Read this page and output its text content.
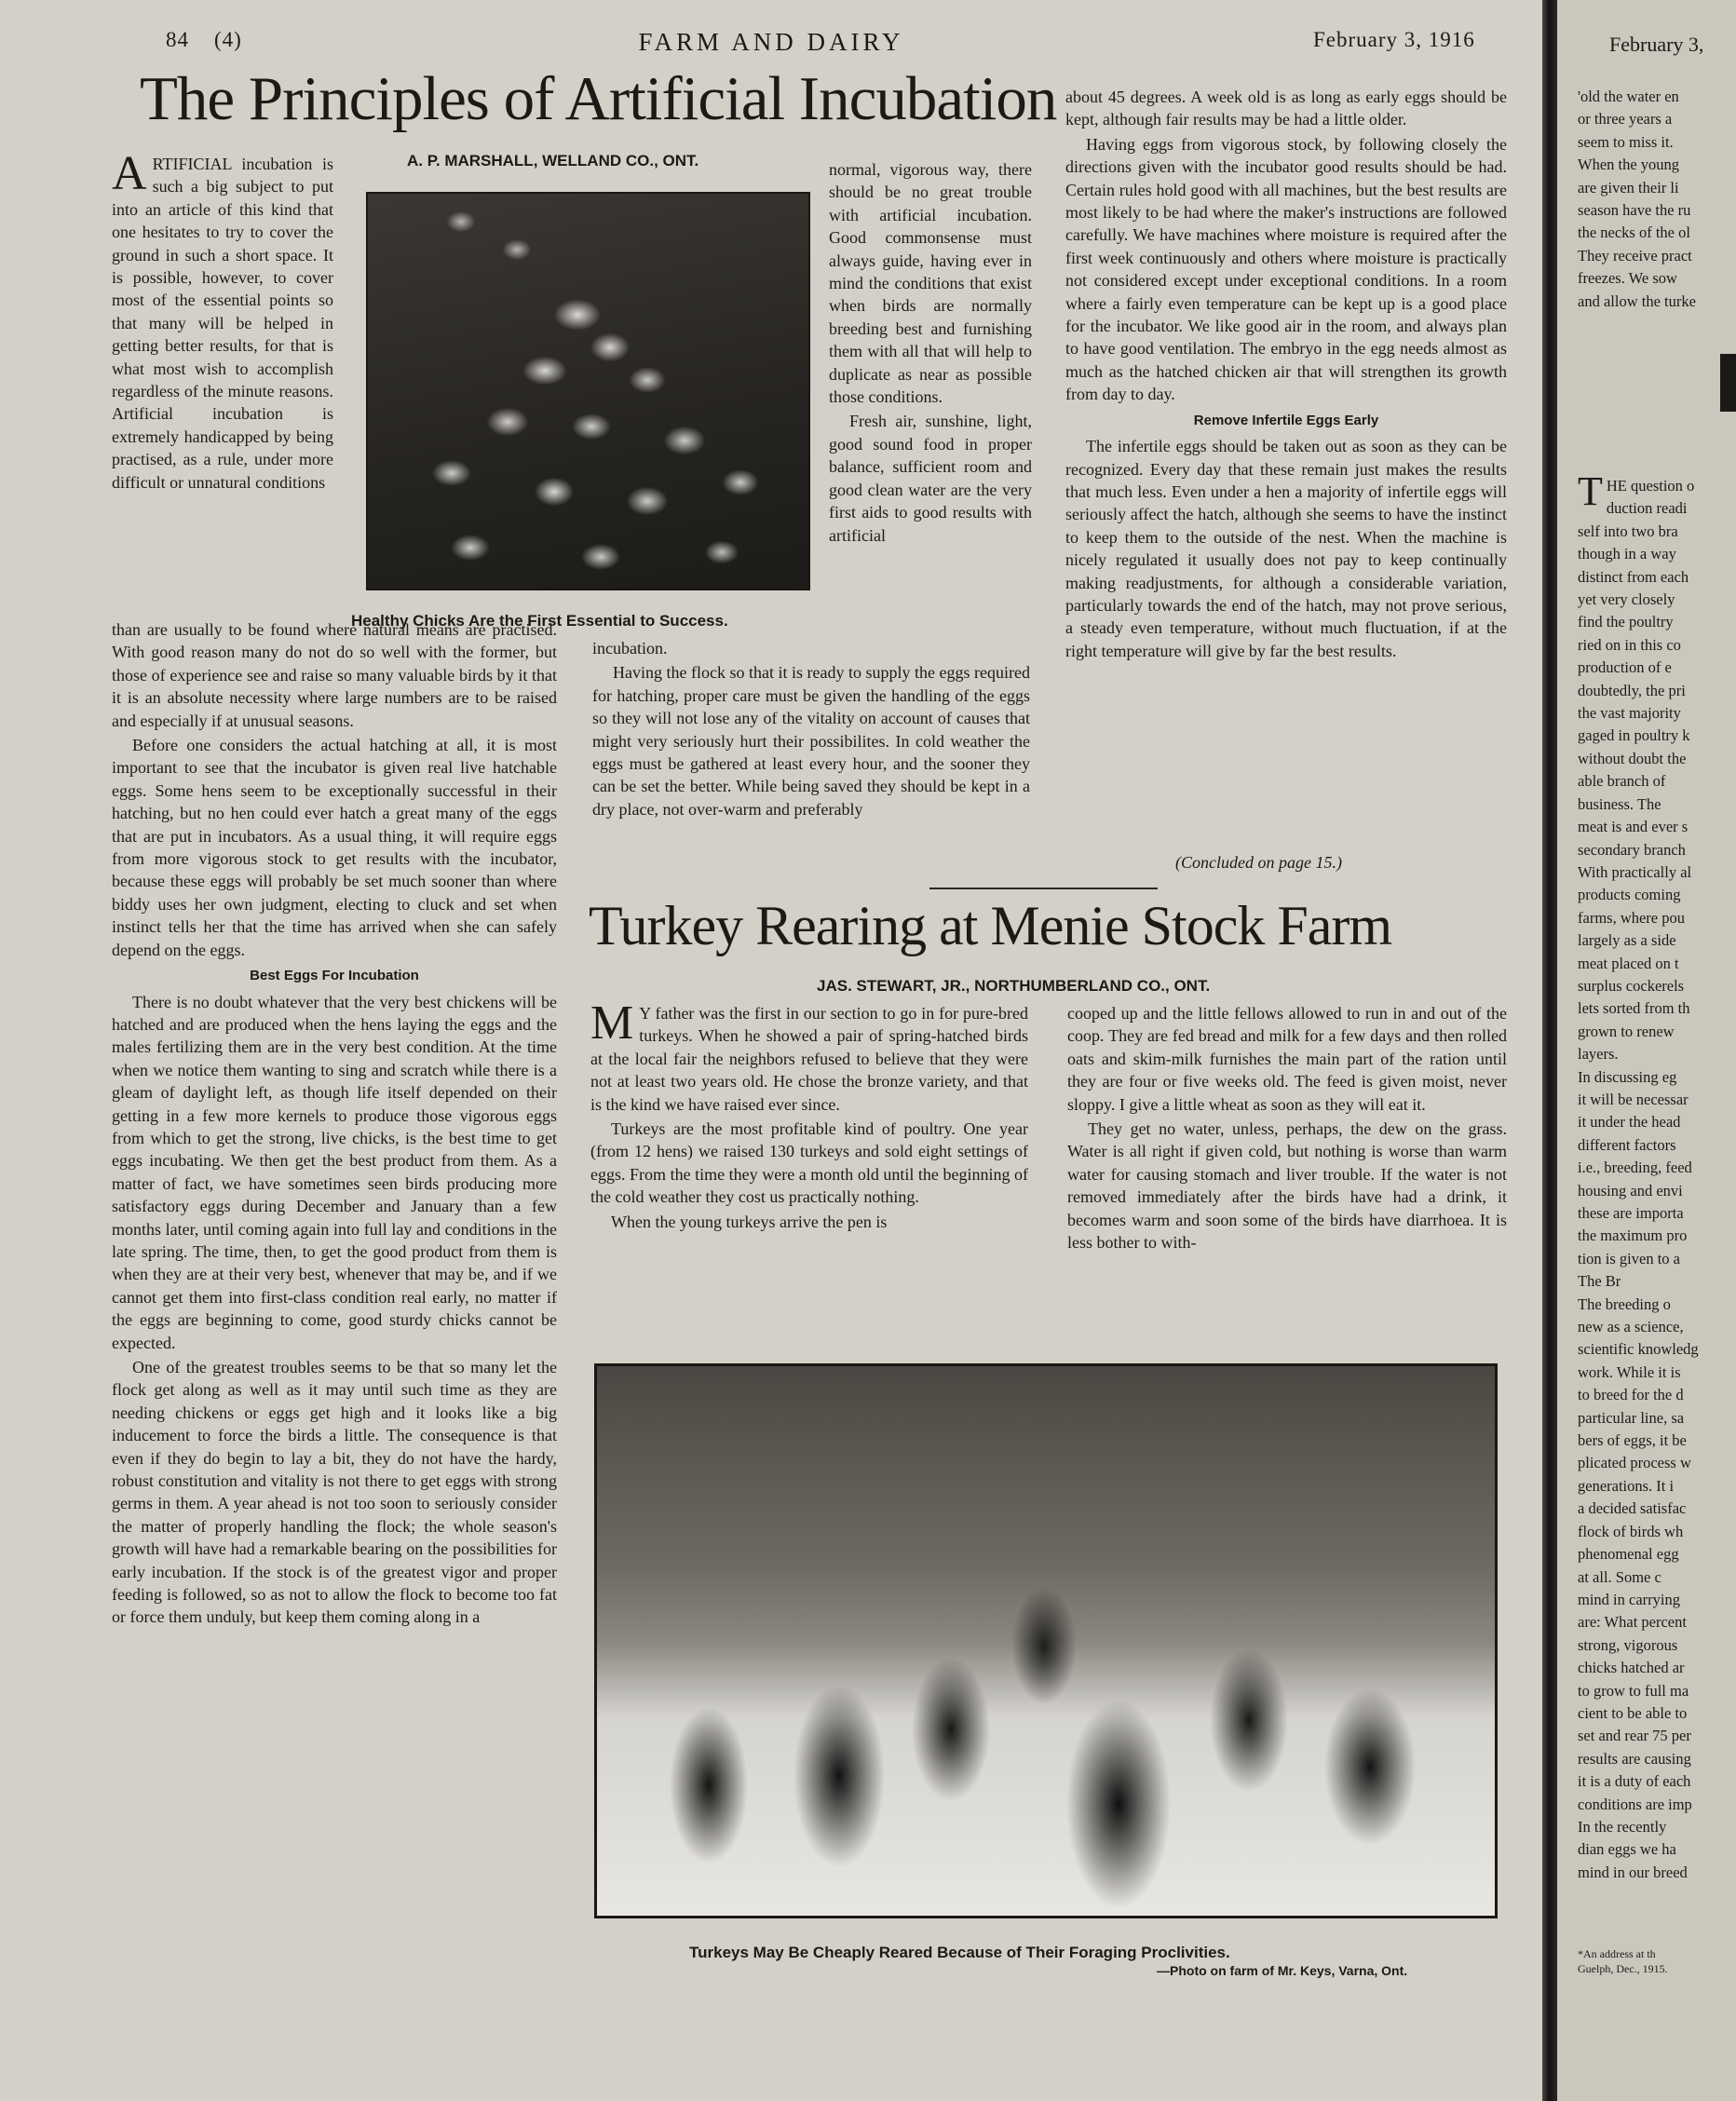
84 (4)	FARM AND DAIRY	February 3, 1916
The Principles of Artificial Incubation
A. P. MARSHALL, WELLAND CO., ONT.

ARTIFICIAL incubation is such a big subject to put into an article of this kind that one hesitates to try to cover the ground in such a short space. It is possible, however, to cover most of the essential points so that many will be helped in getting better results, for that is what most wish to accomplish regardless of the minute reasons. Artificial incubation is extremely handicapped by being practised, as a rule, under more difficult or unnatural conditions

Healthy Chicks Are the First Essential to Success.

normal, vigorous way, there should be no great trouble with artificial incubation. Good commonsense must always guide, having ever in mind the conditions that exist when birds are normally breeding best and furnishing them with all that will help to duplicate as near as possible those conditions.

Fresh air, sunshine, light, good sound food in proper balance, sufficient room and good clean water are the very first aids to good results with artificial

than are usually to be found where natural means are practised. With good reason many do not do so well with the former, but those of experience see and raise so many valuable birds by it that it is an absolute necessity where large numbers are to be raised and especially if at unusual seasons.

Before one considers the actual hatching at all, it is most important to see that the incubator is given real live hatchable eggs. Some hens seem to be exceptionally successful in their hatching, but no hen could ever hatch a great many of the eggs that are put in incubators. As a usual thing, it will require eggs from more vigorous stock to get results with the incubator, because these eggs will probably be set much sooner than where biddy uses her own judgment, electing to cluck and set when instinct tells her that the time has arrived when she can safely depend on the eggs.

Best Eggs For Incubation

There is no doubt whatever that the very best chickens will be hatched and are produced when the hens laying the eggs and the males fertilizing them are in the very best condition. At the time when we notice them wanting to sing and scratch while there is a gleam of daylight left, as though life itself depended on their getting in a few more kernels to produce those vigorous eggs from which to get the strong, live chicks, is the best time to get eggs incubating. We then get the best product from them. As a matter of fact, we have sometimes seen birds producing more satisfactory eggs during December and January than a few months later, until coming again into full lay and conditions in the late spring. The time, then, to get the good product from them is when they are at their very best, whenever that may be, and if we cannot get them into first-class condition real early, no matter if the eggs are beginning to come, good sturdy chicks cannot be expected.

One of the greatest troubles seems to be that so many let the flock get along as well as it may until such time as they are needing chickens or eggs get high and it looks like a big inducement to force the birds a little. The consequence is that even if they do begin to lay a bit, they do not have the hardy, robust constitution and vitality is not there to get eggs with strong germs in them. A year ahead is not too soon to seriously consider the matter of properly handling the flock; the whole season's growth will have had a remarkable bearing on the possibilities for early incubation. If the stock is of the greatest vigor and proper feeding is followed, so as not to allow the flock to become too fat or force them unduly, but keep them coming along in a

incubation.

Having the flock so that it is ready to supply the eggs required for hatching, proper care must be given the handling of the eggs so they will not lose any of the vitality on account of causes that might very seriously hurt their possibilites. In cold weather the eggs must be gathered at least every hour, and the sooner they can be set the better. While being saved they should be kept in a dry place, not over-warm and preferably

about 45 degrees. A week old is as long as early eggs should be kept, although fair results may be had a little older.

Having eggs from vigorous stock, by following closely the directions given with the incubator good results should be had. Certain rules hold good with all machines, but the best results are most likely to be had where the maker's instructions are followed carefully. We have machines where moisture is required after the first week continuously and others where moisture is practically not considered except under exceptional conditions. In a room where a fairly even temperature can be kept up is a good place for the incubator. We like good air in the room, and always plan to have good ventilation. The embryo in the egg needs almost as much as the hatched chicken air that will strengthen its growth from day to day.

Remove Infertile Eggs Early

The infertile eggs should be taken out as soon as they can be recognized. Every day that these remain just makes the results that much less. Even under a hen a majority of infertile eggs will seriously affect the hatch, although she seems to have the instinct to keep them to the outside of the nest. When the machine is nicely regulated it usually does not pay to keep continually making readjustments, for although a considerable variation, particularly towards the end of the hatch, may not prove serious, a steady even temperature, without much fluctuation, if at the right temperature will give by far the best results.

(Concluded on page 15.)
Turkey Rearing at Menie Stock Farm
JAS. STEWART, JR., NORTHUMBERLAND CO., ONT.

M Y father was the first in our section to go in for pure-bred turkeys. When he showed a pair of spring-hatched birds at the local fair the neighbors refused to believe that they were not at least two years old. He chose the bronze variety, and that is the kind we have raised ever since.

Turkeys are the most profitable kind of poultry. One year (from 12 hens) we raised 130 turkeys and sold eight settings of eggs. From the time they were a month old until the beginning of the cold weather they cost us practically nothing.

When the young turkeys arrive the pen is

cooped up and the little fellows allowed to run in and out of the coop. They are fed bread and milk for a few days and then rolled oats and skim-milk furnishes the main part of the ration until they are four or five weeks old. The feed is given moist, never sloppy. I give a little wheat as soon as they will eat it.

They get no water, unless, perhaps, the dew on the grass. Water is all right if given cold, but nothing is worse than warm water for causing stomach and liver trouble. If the water is not removed immediately after the birds have had a drink, it becomes warm and soon some of the birds have diarrhoea. It is less bother to with-

Turkeys May Be Cheaply Reared Because of Their Foraging Proclivities.
—Photo on farm of Mr. Keys, Varna, Ont.
February 3,
'old the water en
or three years a
seem to miss it.
When the young
are given their li
season have the ru
the necks of the ol
They receive pract
freezes. We sow
and allow the turke
THE question o
duction readi
self into two bra
though in a way
distinct from each
yet very closely
find the poultry
ried on in this co
production of e
doubtedly, the pri
the vast majority
gaged in poultry k
without doubt the
able branch of
business. The
meat is and ever s
secondary branch
With practically al
products coming
farms, where pou
largely as a side
meat placed on t
surplus cockerels
lets sorted from th
grown to renew
layers.
In discussing eg
it will be necessar
it under the head
different factors
i.e., breeding, feed
housing and envi
these are importa
the maximum pro
tion is given to a
The Br
The breeding o
new as a science,
scientific knowledg
work. While it is
to breed for the d
particular line, sa
bers of eggs, it be
plicated process w
generations. It i
a decided satisfac
flock of birds wh
phenomenal egg
at all. Some c
mind in carrying
are: What percent
strong, vigorous
chicks hatched ar
to grow to full ma
cient to be able to
set and rear 75 per
results are causing
it is a duty of each
conditions are imp
In the recently
dian eggs we ha
mind in our breed
*An address at th
Guelph, Dec., 1915.
